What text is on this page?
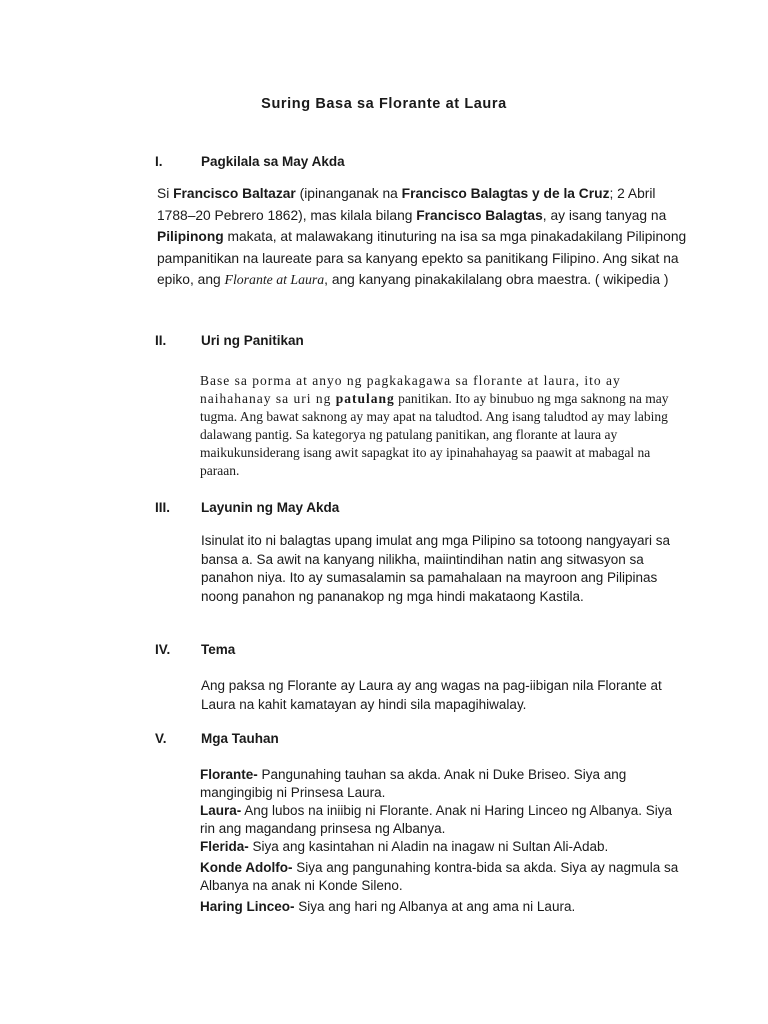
Suring Basa sa Florante at Laura
I.	Pagkilala sa May Akda
Si Francisco Baltazar (ipinanganak na Francisco Balagtas y de la Cruz; 2 Abril 1788–20 Pebrero 1862), mas kilala bilang Francisco Balagtas, ay isang tanyag na Pilipinong makata, at malawakang itinuturing na isa sa mga pinakadakilang Pilipinong pampanitikan na laureate para sa kanyang epekto sa panitikang Filipino. Ang sikat na epiko, ang Florante at Laura, ang kanyang pinakakilalang obra maestra. ( wikipedia )
II.	Uri ng Panitikan
Base sa porma at anyo ng pagkakagawa sa florante at laura, ito ay naihahanay sa uri ng patulang panitikan. Ito ay binubuo ng mga saknong na may tugma. Ang bawat saknong ay may apat na taludtod. Ang isang taludtod ay may labing dalawang pantig. Sa kategorya ng patulang panitikan, ang florante at laura ay maikukunsiderang isang awit sapagkat ito ay ipinahahayag sa paawit at mabagal na paraan.
III. Layunin ng May Akda
Isinulat ito ni balagtas upang imulat ang mga Pilipino sa totoong nangyayari sa bansa a. Sa awit na kanyang nilikha, maiintindihan natin ang sitwasyon sa panahon niya. Ito ay sumasalamin sa pamahalaan na mayroon ang Pilipinas noong panahon ng pananakop ng mga hindi makataong Kastila.
IV. Tema
Ang paksa ng Florante ay Laura ay ang wagas na pag-iibigan nila Florante at Laura na kahit kamatayan ay hindi sila mapagihiwalay.
V.	Mga Tauhan
Florante- Pangunahing tauhan sa akda. Anak ni Duke Briseo. Siya ang mangingibig ni Prinsesa Laura.
Laura- Ang lubos na iniibig ni Florante. Anak ni Haring Linceo ng Albanya. Siya rin ang magandang prinsesa ng Albanya.
Flerida- Siya ang kasintahan ni Aladin na inagaw ni Sultan Ali-Adab.
Konde Adolfo- Siya ang pangunahing kontra-bida sa akda. Siya ay nagmula sa Albanya na anak ni Konde Sileno.
Haring Linceo- Siya ang hari ng Albanya at ang ama ni Laura.
